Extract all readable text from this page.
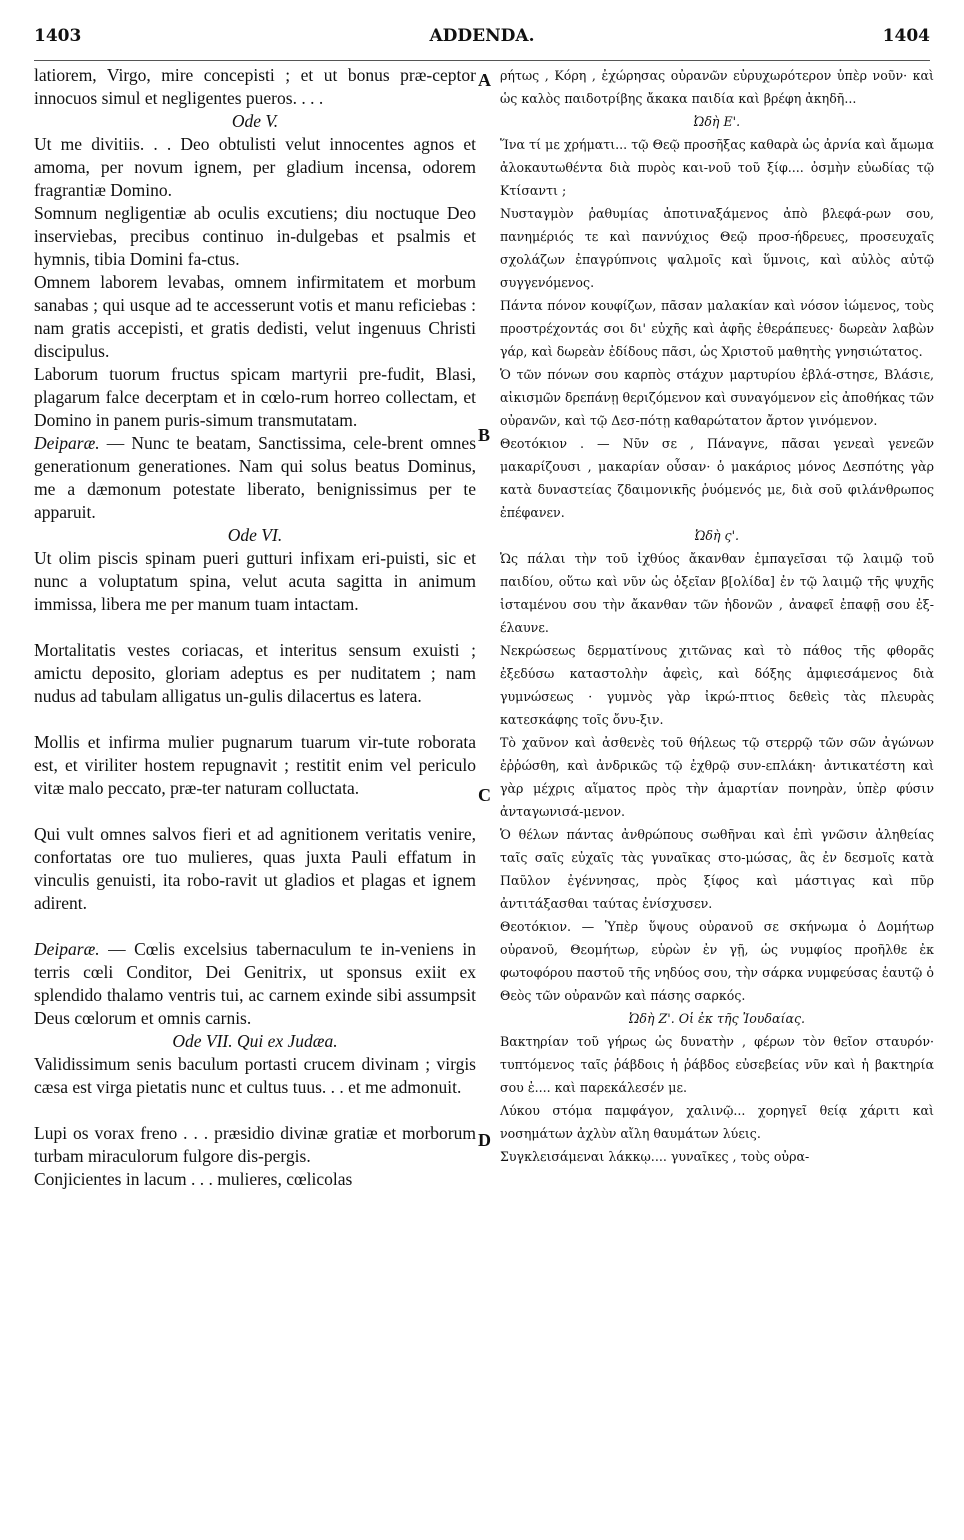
1403	ADDENDA.	1404

latiorem, Virgo, mire concepisti ; et ut bonus præ-ceptor innocuos simul et negligentes pueros. . . .

Ode V.

Ut me divitiis. . . Deo obtulisti velut innocentes agnos et amoma, per novum ignem, per gladium incensa, odorem fragrantiæ Domino.

Somnum negligentiæ ab oculis excutiens; diu noctuque Deo inserviebas, precibus continuo in-dulgebas et psalmis et hymnis, tibia Domini fa-ctus.

Omnem laborem levabas, omnem infirmitatem et morbum sanabas ; qui usque ad te accesserunt votis et manu reficiebas : nam gratis accepisti, et gratis dedisti, velut ingenuus Christi discipulus.

Laborum tuorum fructus spicam martyrii pre-fudit, Blasi, plagarum falce decerptam et in cœlo-rum horreo collectam, et Domino in panem puris-simum transmutatam.

Deiparæ. — Nunc te beatam, Sanctissima, cele-brent omnes generationum generationes. Nam qui solus beatus Dominus, me a dæmonum potestate liberato, benignissimus per te apparuit.

Ode VI.

Ut olim piscis spinam pueri gutturi infixam eri-puisti, sic et nunc a voluptatum spina, velut acuta sagitta in animum immissa, libera me per manum tuam intactam.

Mortalitatis vestes coriacas, et interitus sensum exuisti ; amictu deposito, gloriam adeptus es per nuditatem ; nam nudus ad tabulam alligatus un-gulis dilacertus es latera.

Mollis et infirma mulier pugnarum tuarum vir-tute roborata est, et viriliter hostem repugnavit ; restitit enim vel periculo vitæ malo peccato, præ-ter naturam colluctata.

Qui vult omnes salvos fieri et ad agnitionem veritatis venire, confortatas ore tuo mulieres, quas juxta Pauli effatum in vinculis genuisti, ita robo-ravit ut gladios et plagas et ignem adirent.

Deiparæ. — Cœlis excelsius tabernaculum te in-veniens in terris cœli Conditor, Dei Genitrix, ut sponsus exiit ex splendido thalamo ventris tui, ac carnem exinde sibi assumpsit Deus cœlorum et omnis carnis.

Ode VII. Qui ex Judæa.

Validissimum senis baculum portasti crucem divinam ; virgis cæsa est virga pietatis nunc et cultus tuus. . . et me admonuit.

Lupi os vorax freno . . . præsidio divinæ gratiæ et morborum turbam miraculorum fulgore dis-pergis.

Conjicientes in lacum . . . mulieres, cœlicolas

ρήτως , Κόρη , ἐχώρησας οὐρανῶν εὐρυχωρότερον ὑπὲρ νοῦν· καὶ ὡς καλὸς παιδοτρίβης ἄκακα παιδία καὶ βρέφη ἀκηδῆ...

Ὠδὴ Ε'.

Ἵνα τί με χρήματι... τῷ Θεῷ προσῆξας καθαρὰ ὡς ἀρνία καὶ ἄμωμα ἀλοκαυτωθέντα διὰ πυρὸς και-νοῦ τοῦ ξίφ.... ὀσμὴν εὐωδίας τῷ Κτίσαντι ;

Νυσταγμὸν ῥαθυμίας ἀποτιναξάμενος ἀπὸ βλεφά-ρων σου, πανημέριός τε καὶ παννύχιος Θεῷ προσ-ήδρευες, προσευχαῖς σχολάζων ἐπαγρύπνοις ψαλμοῖς καὶ ὕμνοις, καὶ αὐλὸς αὐτῷ συγγενόμενος.

Πάντα πόνον κουφίζων, πᾶσαν μαλακίαν καὶ νόσον ἰώμενος, τοὺς προστρέχοντάς σοι δι' εὐχῆς καὶ ἀφῆς ἐθεράπευες· δωρεὰν λαβὼν γάρ, καὶ δωρεὰν ἐδίδους πᾶσι, ὡς Χριστοῦ μαθητὴς γνησιώτατος.

Ὁ τῶν πόνων σου καρπὸς στάχυν μαρτυρίου ἐβλά-στησε, Βλάσιε, αἰκισμῶν δρεπάνῃ θεριζόμενον καὶ συναγόμενον εἰς ἀποθήκας τῶν οὐρανῶν, καὶ τῷ Δεσ-πότῃ καθαρώτατον ἄρτον γινόμενον.

Θεοτόκιον . — Νῦν σε , Πάναγνε, πᾶσαι γενεαὶ γενεῶν μακαρίζουσι , μακαρίαν οὖσαν· ὁ μακάριος μόνος Δεσπότης γὰρ κατὰ δυναστείας ζδαιμονικῆς ῥυόμενός με, διὰ σοῦ φιλάνθρωπος ἐπέφανεν.

Ὠδὴ ς'.

Ὡς πάλαι τὴν τοῦ ἰχθύος ἄκανθαν ἐμπαγεῖσαι τῷ λαιμῷ τοῦ παιδίου, οὕτω καὶ νῦν ὡς ὀξεῖαν β[ολίδα] ἐν τῷ λαιμῷ τῆς ψυχῆς ἱσταμένου σου τὴν ἄκανθαν τῶν ἡδονῶν , ἀναφεῖ ἐπαφῇ σου ἐξ-έλαυνε.

Νεκρώσεως δερματίνους χιτῶνας καὶ τὸ πάθος τῆς φθορᾶς ἐξεδύσω καταστολὴν ἀφεὶς, καὶ δόξης ἀμφιεσάμενος διὰ γυμνώσεως · γυμνὸς γὰρ ἰκρώ-πτιος δεθεὶς τὰς πλευρὰς κατεσκάφης τοῖς ὄνυ-ξιν.

Τὸ χαῦνον καὶ ἀσθενὲς τοῦ θήλεως τῷ στερρῷ τῶν σῶν ἀγώνων ἐῤῥώσθη, καὶ ἀνδρικῶς τῷ ἐχθρῷ συν-επλάκη· ἀντικατέστη καὶ γὰρ μέχρις αἵματος πρὸς τὴν ἁμαρτίαν πονηρὰν, ὑπὲρ φύσιν ἀνταγωνισά-μενον.

Ὁ θέλων πάντας ἀνθρώπους σωθῆναι καὶ ἐπὶ γνῶσιν ἀληθείας ταῖς σαῖς εὐχαῖς τὰς γυναῖκας στο-μώσας, ἃς ἐν δεσμοῖς κατὰ Παῦλον ἐγέννησας, πρὸς ξίφος καὶ μάστιγας καὶ πῦρ ἀντιτάξασθαι ταύτας ἐνίσχυσεν.

Θεοτόκιον. — Ὑπὲρ ὕψους οὐρανοῦ σε σκήνωμα ὁ Δομήτωρ οὐρανοῦ, Θεομήτωρ, εὑρὼν ἐν γῇ, ὡς νυμφίος προῆλθε ἐκ φωτοφόρου παστοῦ τῆς νηδύος σου, τὴν σάρκα νυμφεύσας ἑαυτῷ ὁ Θεὸς τῶν οὐρανῶν καὶ πάσης σαρκός.

Ὠδὴ Ζ'. Οἱ ἐκ τῆς Ἰουδαίας.

Βακτηρίαν τοῦ γήρως ὡς δυνατὴν , φέρων τὸν θεῖον σταυρόν· τυπτόμενος ταῖς ῥάβδοις ἡ ῥάβδος εὐσεβείας νῦν καὶ ἡ βακτηρία σου ἐ.... καὶ παρεκάλεσέν με.

Λύκου στόμα παμφάγον, χαλινῷ... χορηγεῖ θείᾳ χάριτι καὶ νοσημάτων ἀχλὺν αἴλη θαυμάτων λύεις.

Συγκλεισάμεναι λάκκῳ.... γυναῖκες , τοὺς οὐρα-

A
B
C
D
